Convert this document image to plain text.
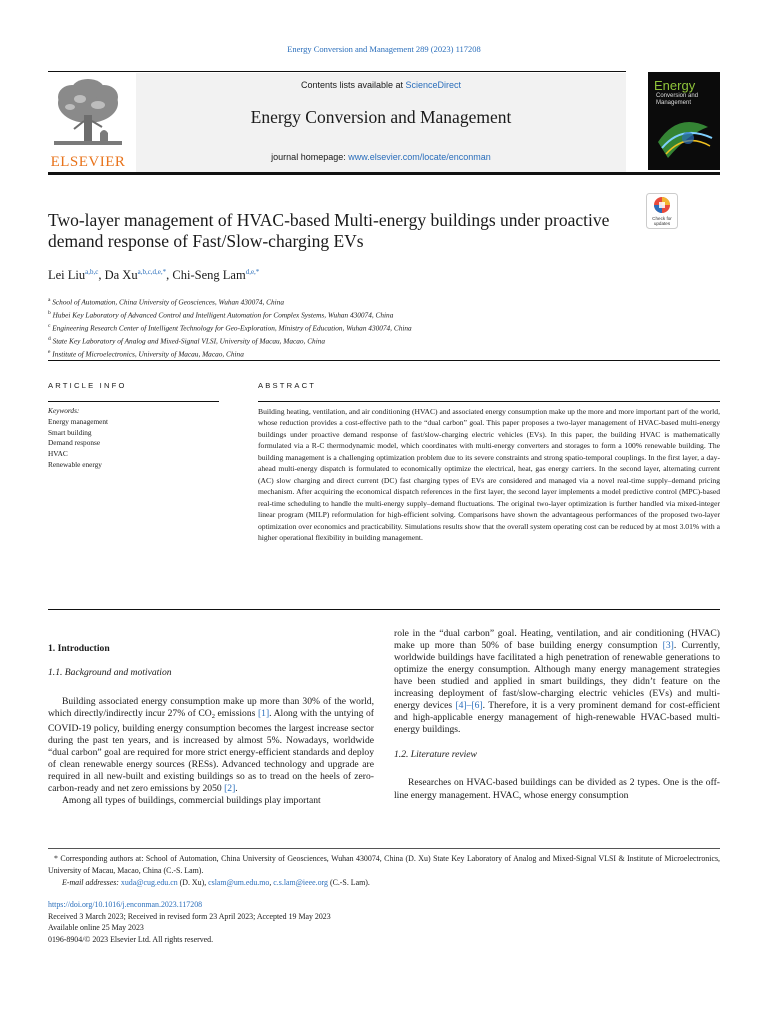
Energy Conversion and Management 289 (2023) 117208
ELSEVIER
Contents lists available at ScienceDirect
Energy Conversion and Management
journal homepage: www.elsevier.com/locate/enconman
Energy
Conversion and Management
Two-layer management of HVAC-based Multi-energy buildings under proactive demand response of Fast/Slow-charging EVs
Check for
updates
Lei Liu$^{a,b,c}$, Da $Xu^{a,b,c,d,e,*}$, Chi-Seng Lam$^{d,e,*}$
$^a$ School of Automation, China University of Geosciences, Wuhan 430074, China
$^b$ Hubei Key Laboratory of Advanced Control and Intelligent Automation for Complex Systems, Wuhan 430074, China
$^c$ Engineering Research Center of Intelligent Technology for Geo-Exploration, Ministry of Education, Wuhan 430074, China
$^d$ State Key Laboratory of Analog and Mixed-Signal VLSI, University of Macau, Macao, China
$^e$ Institute of Microelectronics, University of Macau, Macao, China
ARTICLE INFO	ABSTRACT
Keywords:
Energy management
Smart building
Demand response
HVAC
Renewable energy
Building heating, ventilation, and air conditioning (HVAC) and associated energy consumption make up the more and more important part of the world, whose reduction provides a cost-effective path to the “dual carbon” goal. This paper proposes a two-layer management of HVAC-based multi-energy buildings under proactive demand response of fast/slow-charging electric vehicles (EVs). In this paper, the building HVAC is mathematically formulated via a R-C thermodynamic model, which coordinates with multi-energy converters and storages to form a 100% renewable building. The building management is a challenging optimization problem due to its severe constraints and strong spatio-temporal couplings. In the first layer, a day-ahead multi-energy dispatch is formulated to economically optimize the electrical, heat, gas energy carriers. In the second layer, alternating current (AC) slow charging and direct current (DC) fast charging types of EVs are considered and managed via a novel real-time supply–demand pricing mechanism. After acquiring the economical dispatch references in the first layer, the second layer implements a model predictive control (MPC)-based real-time scheduling to handle the multi-energy supply–demand fluctuations. The original two-layer optimization is further handled via mixed-integer linear program (MILP) reformulation for high-efficient solving. Comparisons have shown the advantageous performances of the proposed two-layer optimization over economics and practicability. Simulations results show that the overall system operating cost can be reduced by at most 3.01% with a higher operational flexibility in building management.
1. Introduction
1.1. Background and motivation

Building associated energy consumption make up more than 30% of the world, which directly/indirectly incur 27% of $CO_2$ emissions [1]. Along with the untying of COVID-19 policy, building energy consumption becomes the largest increase sector during the past ten years, and is increased by almost 5%. Nowadays, worldwide “dual carbon” goal are required for more strict energy-efficient standards and deploy of clean renewable energy sources (RESs). Advanced technology and upgrade are required in all new-built and existing buildings so as to tread on the heels of zero-carbon-ready and net zero emissions by 2050 [2].

Among all types of buildings, commercial buildings play important

role in the “dual carbon” goal. Heating, ventilation, and air conditioning (HVAC) make up more than 50% of base building energy consumption [3]. Currently, worldwide buildings have facilitated a high penetration of renewable generations to optimize the energy consumption. Although many energy management strategies have been studied and applied in smart buildings, they didn’t feature on the increasing deployment of fast/slow-charging electric vehicles (EVs) and multi-energy devices [4]–[6]. Therefore, it is a very prominent demand for cost-efficient and high-applicable energy management of high-renewable HVAC-based multi-energy buildings.

1.2. Literature review

Researches on HVAC-based buildings can be divided as 2 types. One is the off-line energy management. HVAC, whose energy consumption

* Corresponding authors at: School of Automation, China University of Geosciences, Wuhan 430074, China (D. Xu) State Key Laboratory of Analog and Mixed-Signal VLSI & Institute of Microelectronics, University of Macau, Macao, China (C.-S. Lam).
E-mail addresses: xuda@cug.edu.cn (D. Xu), cslam@um.edu.mo, c.s.lam@ieee.org (C.-S. Lam).
https://doi.org/10.1016/j.enconman.2023.117208
Received 3 March 2023; Received in revised form 23 April 2023; Accepted 19 May 2023
Available online 25 May 2023
0196-8904/© 2023 Elsevier Ltd. All rights reserved.
